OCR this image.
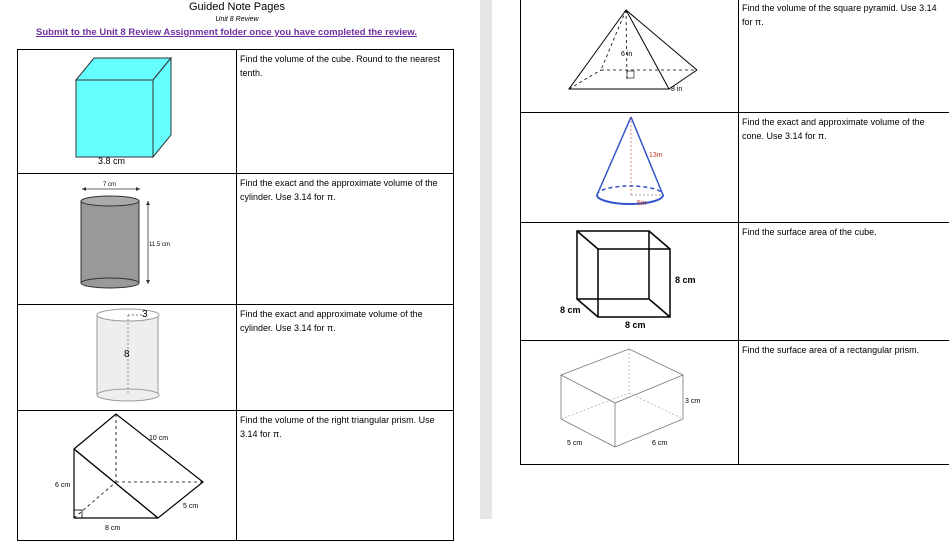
Guided Note Pages
Unit 8 Review
Submit to the Unit 8 Review Assignment folder once you have completed the review.
3.8 cm	Find the volume of the cube. Round to the nearest tenth.

7 cm
11.5 cm	Find the exact and the approximate volume of the cylinder. Use 3.14 for π.

3
8	Find the exact and approximate volume of the cylinder. Use 3.14 for π.

10 cm
5 cm
6 cm
8 cm	Find the volume of the right triangular prism. Use 3.14 for π.
6 in
8 in	Find the volume of the square pyramid. Use 3.14 for π.

13m
5m	Find the exact and approximate volume of the cone. Use 3.14 for π.

8 cm
8 cm
8 cm	Find the surface area of the cube.

3 cm
5 cm 6 cm	Find the surface area of a rectangular prism.
